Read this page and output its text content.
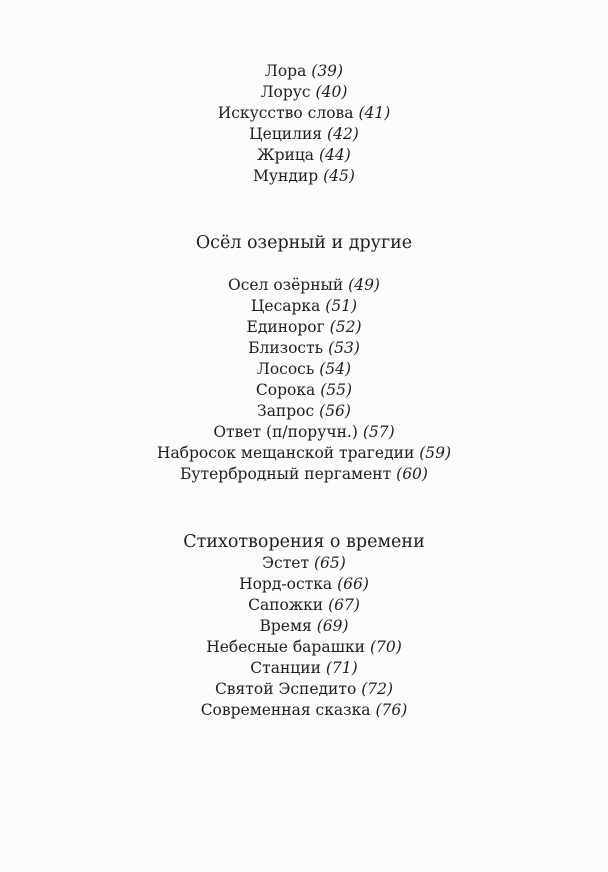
Лора (39)
Лорус (40)
Искусство слова (41)
Цецилия (42)
Жрица (44)
Мундир (45)
Осёл озерный и другие
Осел озёрный (49)
Цесарка (51)
Единорог (52)
Близость (53)
Лосось (54)
Сорока (55)
Запрос (56)
Ответ (п/поручн.) (57)
Набросок мещанской трагедии (59)
Бутербродный пергамент (60)
Стихотворения о времени
Эстет (65)
Норд-остка (66)
Сапожки (67)
Время (69)
Небесные барашки (70)
Станции (71)
Святой Эспедито (72)
Современная сказка (76)
